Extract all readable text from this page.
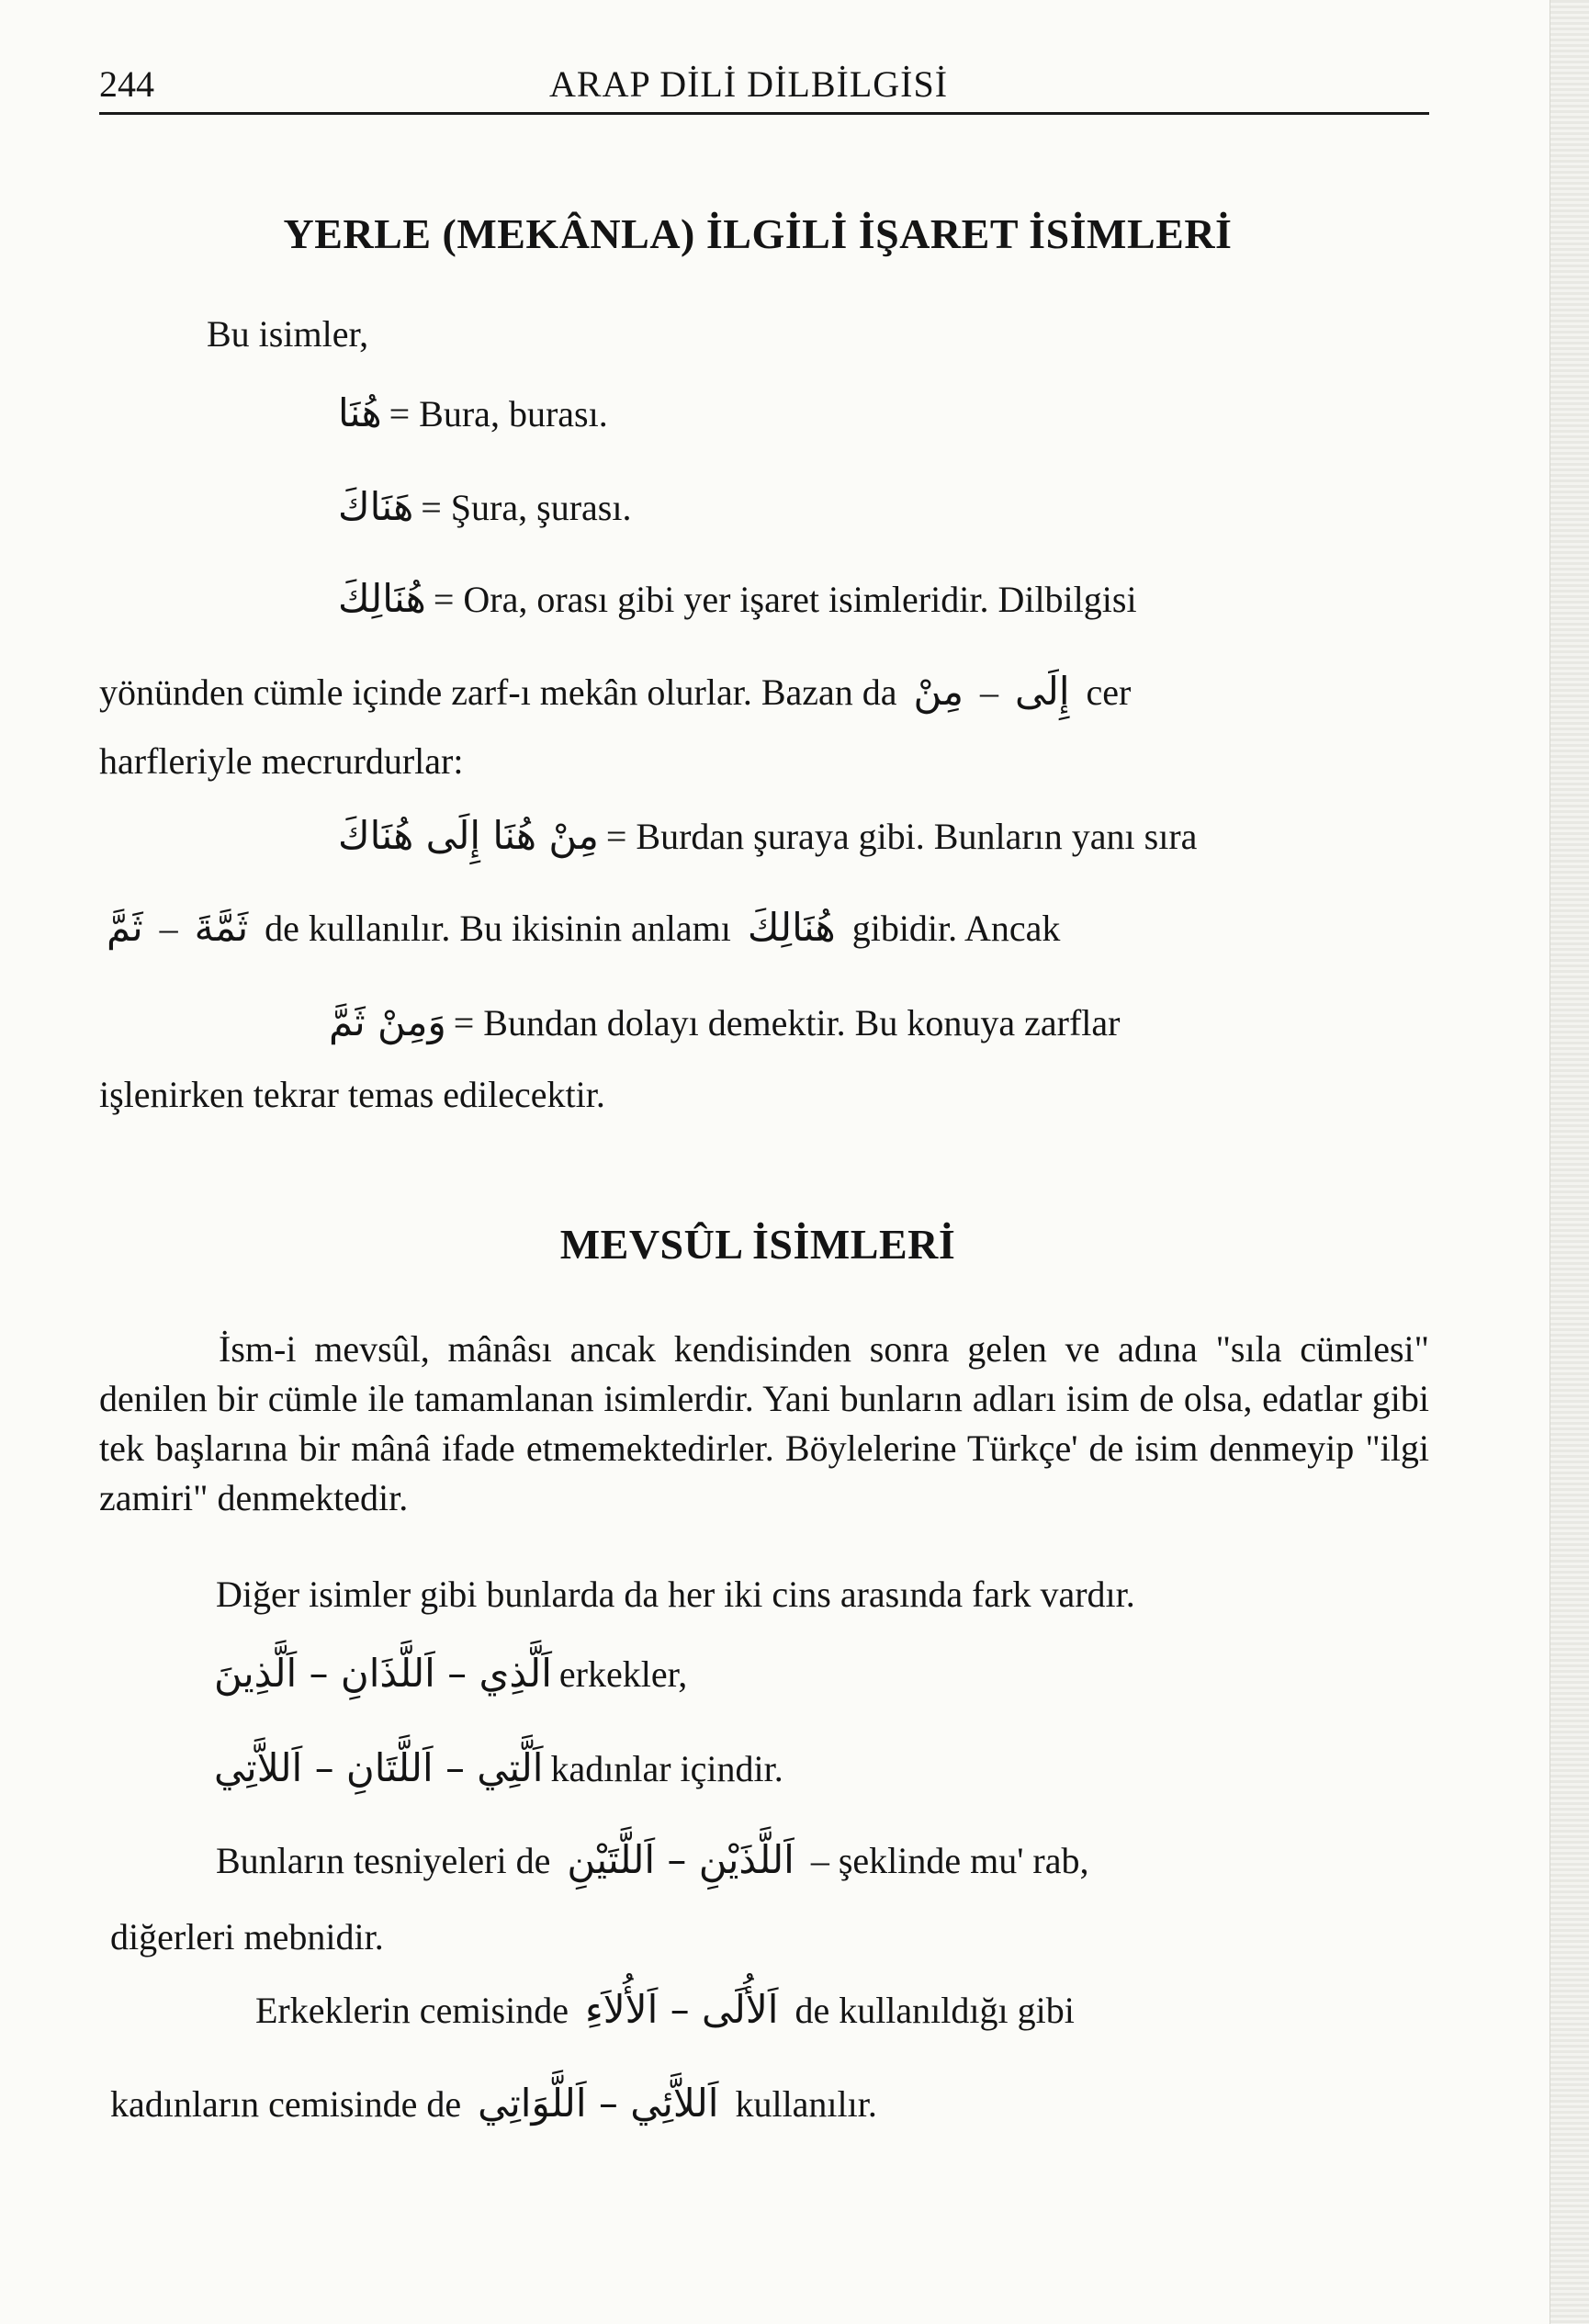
244	ARAP DİLİ DİLBİLGİSİ
YERLE (MEKÂNLA) İLGİLİ İŞARET İSİMLERİ
Bu isimler,
هُنَا = Bura, burası.
هَنَاكَ = Şura, şurası.
هُنَالِكَ = Ora, orası gibi yer işaret isimleridir. Dilbilgisi
yönünden cümle içinde zarf-ı mekân olurlar. Bazan da مِنْ – إِلَى cer
harfleriyle mecrurdurlar:
مِنْ هُنَا إِلَى هُنَاكَ = Burdan şuraya gibi. Bunların yanı sıra
ثَمَّ – ثَمَّةَ de kullanılır. Bu ikisinin anlamı هُنَالِكَ gibidir. Ancak
وَمِنْ ثَمَّ = Bundan dolayı demektir. Bu konuya zarflar
işlenirken tekrar temas edilecektir.
MEVSÛL İSİMLERİ
İsm-i mevsûl, mânâsı ancak kendisinden sonra gelen ve adına "sıla cümlesi" denilen bir cümle ile tamamlanan isimlerdir. Yani bunların adları isim de olsa, edatlar gibi tek başlarına bir mânâ ifade etmemektedirler. Böylelerine Türkçe' de isim denmeyip "ilgi zamiri" denmektedir.
Diğer isimler gibi bunlarda da her iki cins arasında fark vardır.
اَلَّذِي – اَللَّذَانِ – اَلَّذِينَ erkekler,
اَلَّتِي – اَللَّتَانِ – اَللاَّتِي kadınlar içindir.
Bunların tesniyeleri de اَللَّذَيْنِ – اَللَّتَيْنِ – şeklinde mu' rab,
diğerleri mebnidir.
Erkeklerin cemisinde اَلأُلَى – اَلأُلاَءِ de kullanıldığı gibi
kadınların cemisinde de اَللاَّئِي – اَللَّوَاتِي kullanılır.
